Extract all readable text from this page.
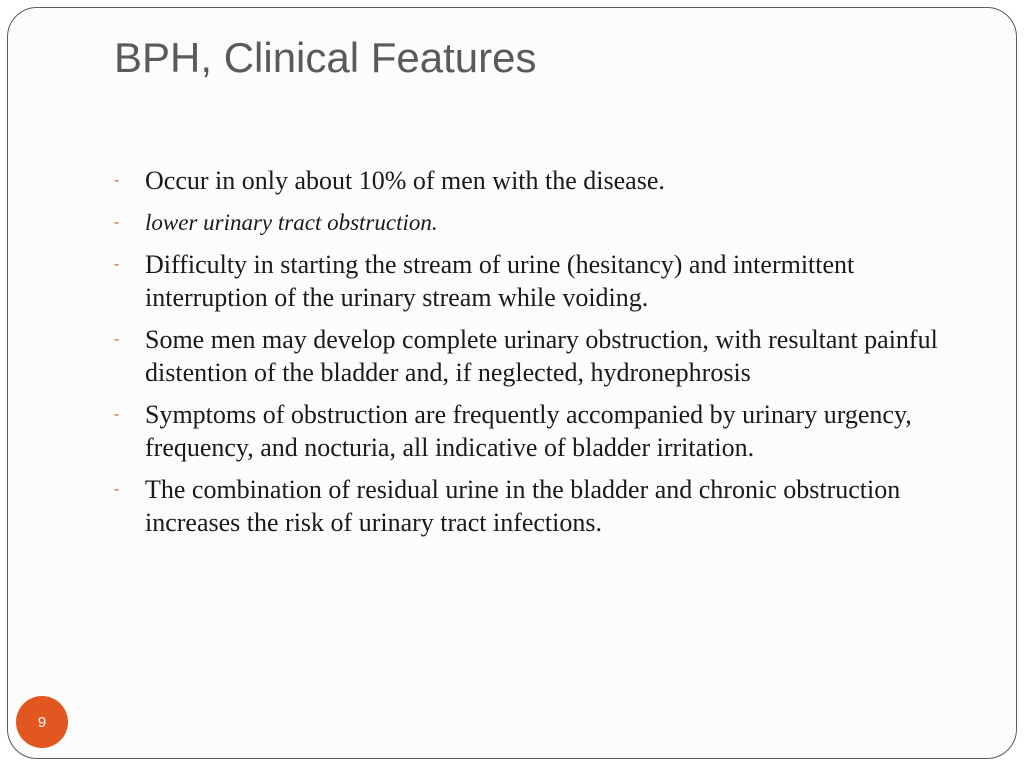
BPH, Clinical Features
- Occur in only about 10% of men with the disease.
- lower urinary tract obstruction.
- Difficulty in starting the stream of urine (hesitancy) and intermittent interruption of the urinary stream while voiding.
- Some men may develop complete urinary obstruction, with resultant painful distention of the bladder and, if neglected, hydronephrosis
- Symptoms of obstruction are frequently accompanied by urinary urgency, frequency, and nocturia, all indicative of bladder irritation.
- The combination of residual urine in the bladder and chronic obstruction increases the risk of urinary tract infections.
9
